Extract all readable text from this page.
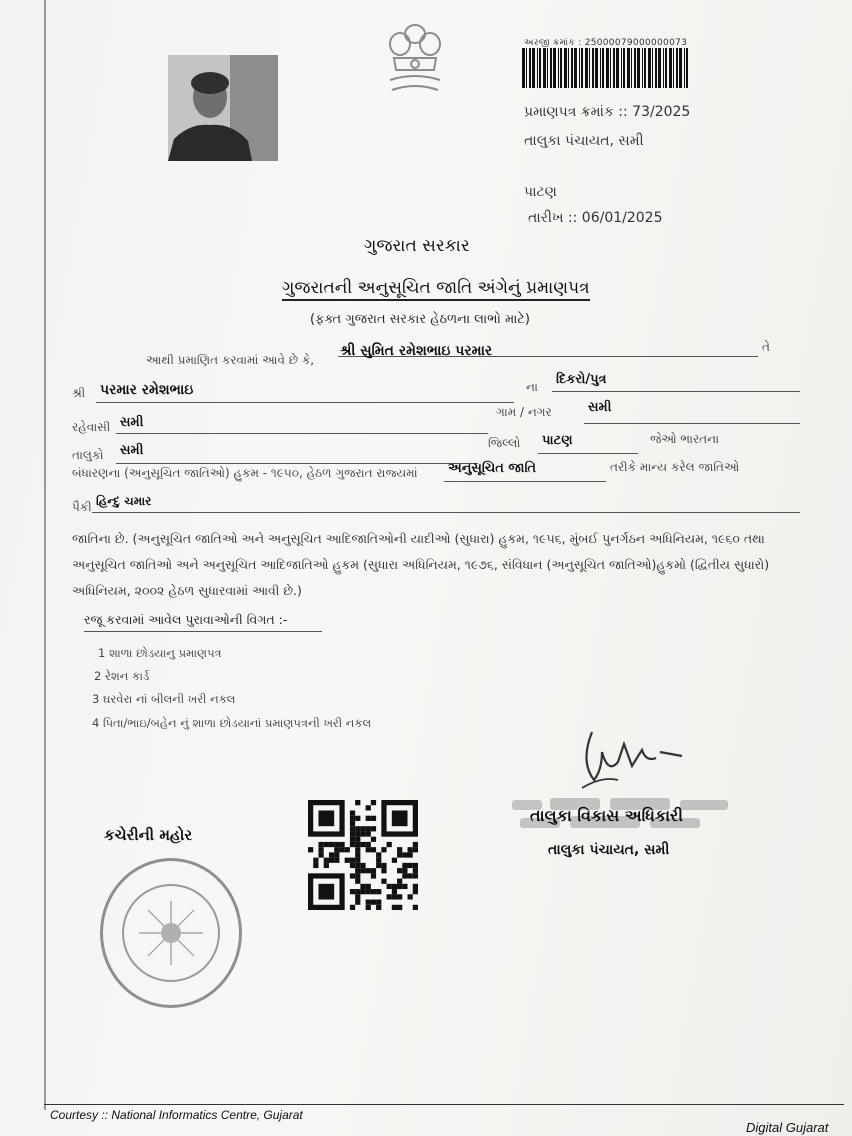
અરજી ક્રમાંક : 25000079000000073
પ્રમાણપત્ર ક્રમાંક :: 73/2025
તાલુકા પંચાયત, સમી
પાટણ
તારીખ :: 06/01/2025
ગુજરાત સરકાર
ગુજરાતની અનુસૂચિત જાતિ અંગેનું પ્રમાણપત્ર
(ફક્ત ગુજરાત સરકાર હેઠળના લાભો માટે)
આથી પ્રમાણિત કરવામાં આવે છે કે,
શ્રી સુમિત રમેશભાઇ પરમાર	તે
શ્રી પરમાર રમેશભાઇ	ના દિકરો/પુત્ર
રહેવાસી સમી
ગામ / નગર	સમી
તાલુકો સમી	જિલ્લો પાટણ	જેઓ ભારતના
બંધારણના (અનુસૂચિત જાતિઓ) હુકમ - ૧૯૫૦, હેઠળ ગુજરાત રાજ્યમાં અનુસૂચિત જાતિ	તરીકે માન્ય કરેલ જાતિઓ
પૈકી હિન્દુ ચમાર
જાતિના છે. (અનુસૂચિત જાતિઓ અને અનુસૂચિત આદિજાતિઓની યાદીઓ (સુધારા) હુકમ, ૧૯૫૬, મુંબઈ પુનર્ગઠન અધિનિયમ, ૧૯૬૦ તથા
અનુસૂચિત જાતિઓ અને અનુસૂચિત આદિજાતિઓ હુકમ (સુધારા અધિનિયમ, ૧૯૭૬, સંવિધાન (અનુસૂચિત જાતિઓ)હુકમો (દ્વિતીય સુધારો)
અધિનિયમ, ૨૦૦૨ હેઠળ સુધારવામાં આવી છે.)
રજૂ કરવામાં આવેલ પુરાવાઓની વિગત :-
1 શાળા છોડયાનુ પ્રમાણપત્ર
2 રેશન કાર્ડ
3 ઘરવેરા નાં બીલની ખરી નકલ
4 પિતા/ભાઇ/બહેન નું શાળા છોડયાનાં પ્રમાણપત્રની ખરી નકલ
કચેરીની મહોર
તાલુકા વિકાસ અધિકારી
તાલુકા પંચાયત, સમી
Courtesy :: National Informatics Centre, Gujarat
Digital Gujarat
